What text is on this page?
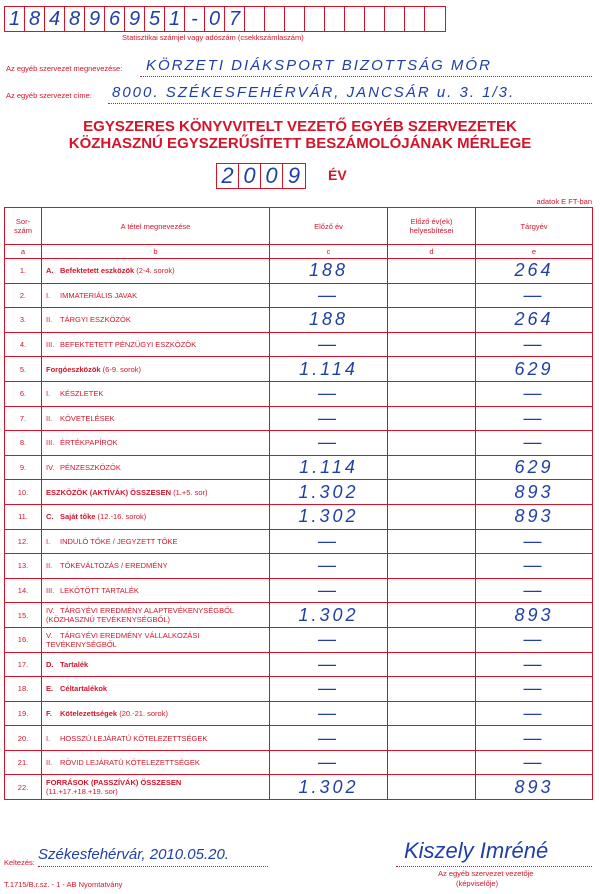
1 8 4 8 9 6 9 5 1 - 0 7
Statisztikai számjel vagy adószám (csekkszámlaszám)
Az egyéb szervezet megnevezése: KÖRZETI DIÁKSPORT BIZOTTSÁG MÓR
Az egyéb szervezet címe: 8000. SZÉKESFEHÉRVÁR, JANCSÁR u. 3. 1/3.
EGYSZERES KÖNYVVITELT VEZETŐ EGYÉB SZERVEZETEK
KÖZHASZNÚ EGYSZERŰSÍTETT BESZÁMOLÓJÁNAK MÉRLEGE
2 0 0 9	ÉV
adatok E FT-ban
Sor-
szám	A tétel megnevezése	Előző év	Előző év(ek) helyesbítései	Tárgyév
a	b	c	d	e
1.	A. Befektetett eszközök (2-4. sorok)	188		264
2.	I. IMMATERIÁLIS JAVAK	—		—
3.	II. TÁRGYI ESZKÖZÖK	188		264
4.	III. BEFEKTETETT PÉNZÜGYI ESZKÖZÖK	—		—
5.	Forgóeszközök (6-9. sorok)	1.114		629
6.	I. KÉSZLETEK	—		—
7.	II. KÖVETELÉSEK	—		—
8.	III. ÉRTÉKPAPÍROK	—		—
9.	IV. PÉNZESZKÖZÖK	1.114		629
10.	ESZKÖZÖK (AKTÍVÁK) ÖSSZESEN (1.+5. sor)	1.302		893
11.	C. Saját tőke (12.-16. sorok)	1.302		893
12.	I. INDULÓ TŐKE / JEGYZETT TŐKE	—		—
13.	II. TŐKEVÁLTOZÁS / EREDMÉNY	—		—
14.	III. LEKÖTÖTT TARTALÉK	—		—
15.	IV. TÁRGYÉVI EREDMÉNY ALAPTEVÉKENYSÉGBŐL (KÖZHASZNÚ TEVÉKENYSÉGBŐL)	1.302		893
16.	V. TÁRGYÉVI EREDMÉNY VÁLLALKOZÁSI TEVÉKENYSÉGBŐL	—		—
17.	D. Tartalék	—		—
18.	E. Céltartalékok	—		—
19.	F. Kötelezettségek (20.-21. sorok)	—		—
20.	I. HOSSZÚ LEJÁRATÚ KÖTELEZETTSÉGEK	—		—
21.	II. RÖVID LEJÁRATÚ KÖTELEZETTSÉGEK	—		—
22.	FORRÁSOK (PASSZÍVÁK) ÖSSZESEN
(11.+17.+18.+19. sor)	1.302		893
Keltezés: Székesfehérvár, 2010.05.20.	Kiszely Imréné
Az egyéb szervezet vezetője
(képviselője)
T.1715/B.r.sz. - 1 - AB Nyomtatvány
